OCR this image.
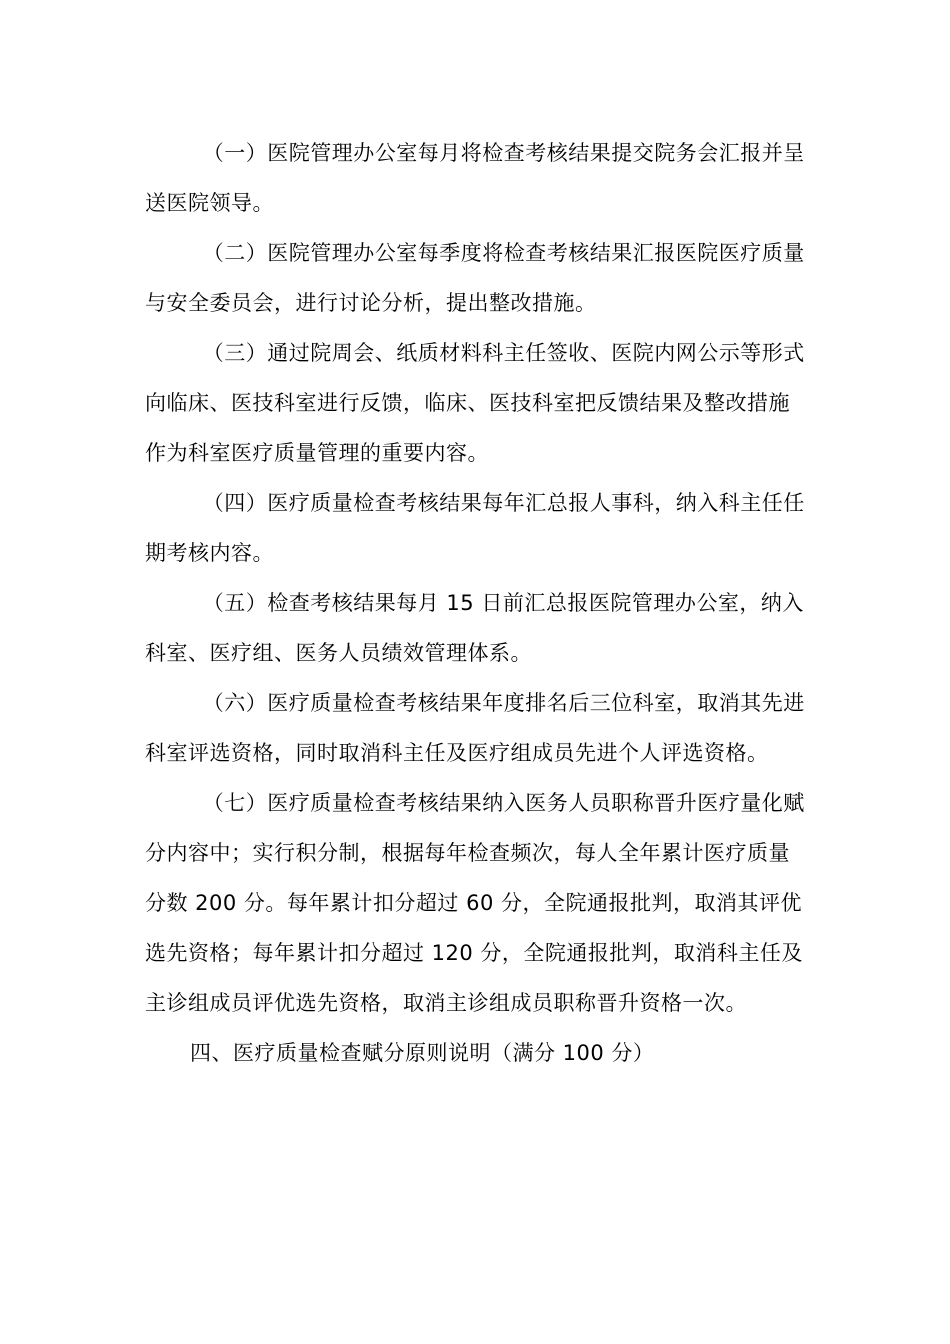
（一）医院管理办公室每月将检查考核结果提交院务会汇报并呈送医院领导。

（二）医院管理办公室每季度将检查考核结果汇报医院医疗质量与安全委员会，进行讨论分析，提出整改措施。

（三）通过院周会、纸质材料科主任签收、医院内网公示等形式向临床、医技科室进行反馈，临床、医技科室把反馈结果及整改措施作为科室医疗质量管理的重要内容。

（四）医疗质量检查考核结果每年汇总报人事科，纳入科主任任期考核内容。

（五）检查考核结果每月 15 日前汇总报医院管理办公室，纳入科室、医疗组、医务人员绩效管理体系。

（六）医疗质量检查考核结果年度排名后三位科室，取消其先进科室评选资格，同时取消科主任及医疗组成员先进个人评选资格。

（七）医疗质量检查考核结果纳入医务人员职称晋升医疗量化赋分内容中；实行积分制，根据每年检查频次，每人全年累计医疗质量分数 200 分。每年累计扣分超过 60 分，全院通报批判，取消其评优选先资格；每年累计扣分超过 120 分，全院通报批判，取消科主任及主诊组成员评优选先资格，取消主诊组成员职称晋升资格一次。

四、医疗质量检查赋分原则说明（满分 100 分）
